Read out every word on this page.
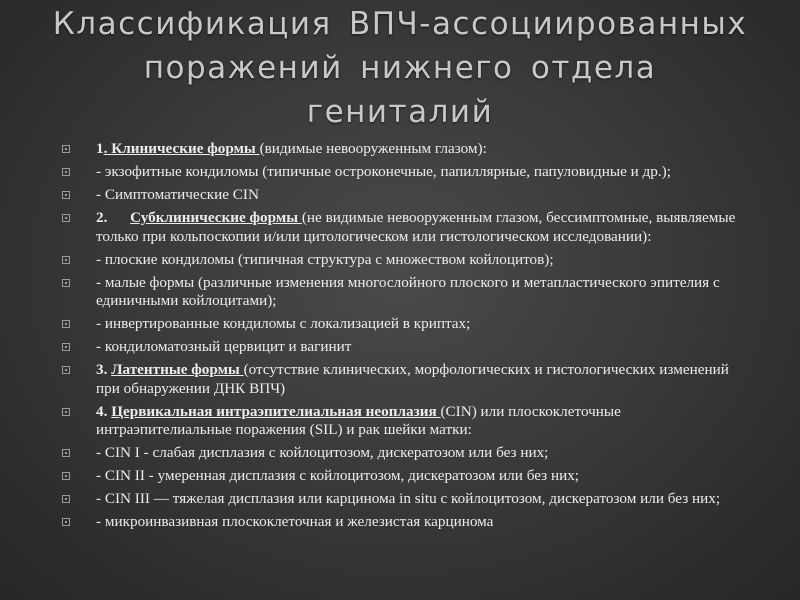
Классификация ВПЧ-ассоциированных
поражений нижнего отдела
гениталий
1. Клинические формы (видимые невооруженным глазом):
- экзофитные кондиломы (типичные остроконечные, папиллярные, папуловидные и др.);
- Симптоматические CIN
2.      Субклинические формы (не видимые невооруженным глазом, бессимптомные, выявляемые только при кольпоскопии и/или цитологическом или гистологическом исследовании):
- плоские кондиломы (типичная структура с множеством койлоцитов);
- малые формы (различные изменения многослойного плоского и метапластического эпителия с единичными койлоцитами);
- инвертированные кондиломы с локализацией в криптах;
- кондиломатозный цервицит и вагинит
3. Латентные формы (отсутствие клинических, морфологических и гистологических изменений при обнаружении ДНК ВПЧ)
4. Цервикальная интраэпителиальная неоплазия (CIN) или плоскоклеточные интраэпителиальные поражения (SIL) и рак шейки матки:
- CIN I - слабая дисплазия с койлоцитозом, дискератозом или без них;
- CIN II - умеренная дисплазия с койлоцитозом, дискератозом или без них;
- CIN III — тяжелая дисплазия или карцинома in situ с койлоцитозом, дискератозом или без них;
- микроинвазивная плоскоклеточная и железистая карцинома
